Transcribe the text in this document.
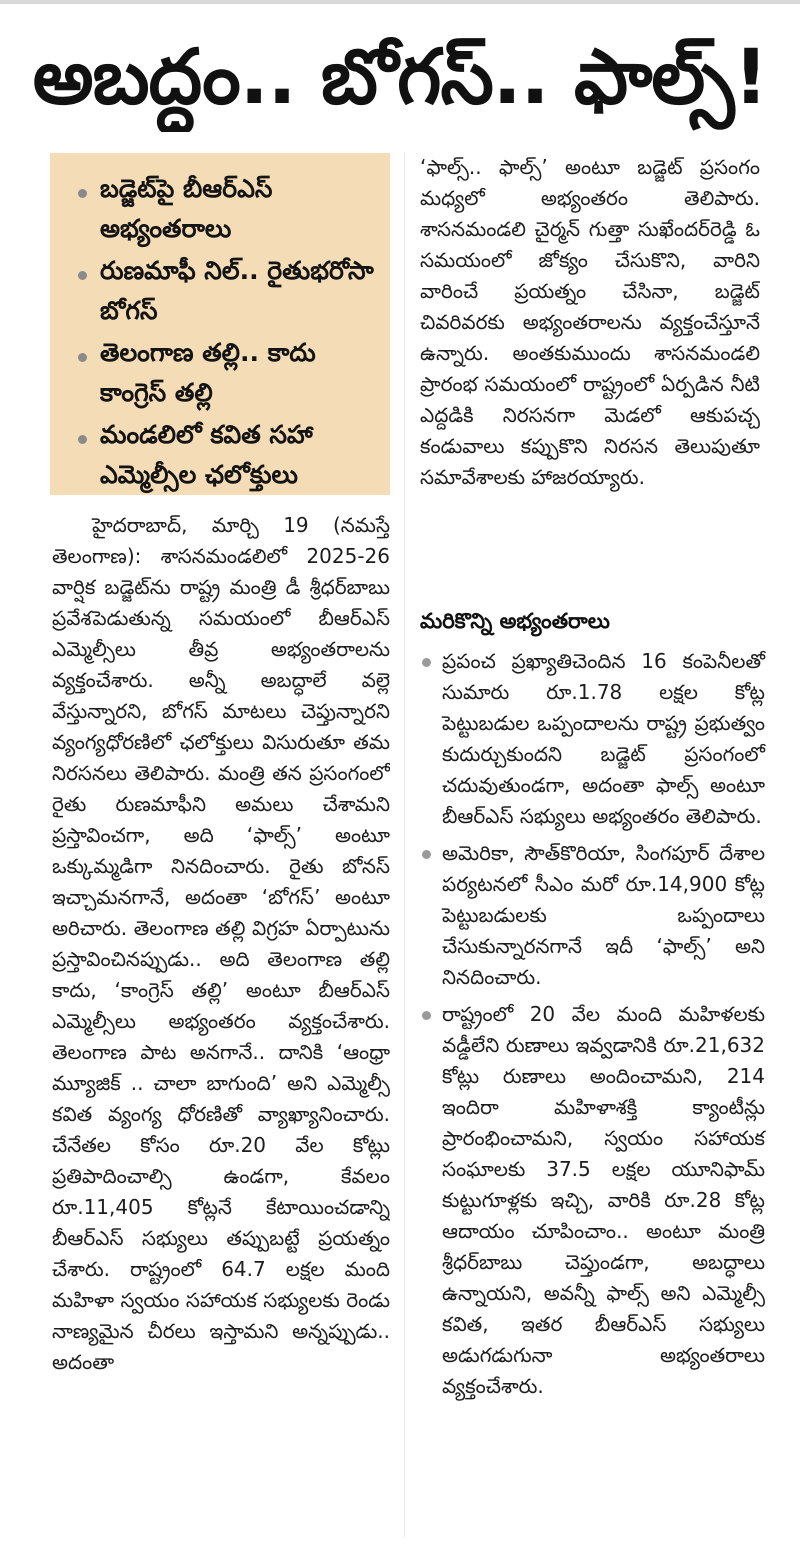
అబద్ధం.. బోగస్.. ఫాల్స్!
బడ్జెట్‌పై బీఆర్‌ఎస్ అభ్యంతరాలు
రుణమాఫీ నిల్.. రైతుభరోసా బోగస్
తెలంగాణ తల్లి.. కాదు కాంగ్రెస్ తల్లి
మండలిలో కవిత సహా ఎమ్మెల్సీల ఛలోక్తులు
హైదరాబాద్, మార్చి 19 (నమస్తే తెలంగాణ): శాసనమండలిలో 2025-26 వార్షిక బడ్జెట్‌ను రాష్ట్ర మంత్రి డీ శ్రీధర్‌బాబు ప్రవేశపెడుతున్న సమయంలో బీఆర్‌ఎస్ ఎమ్మెల్సీలు తీవ్ర అభ్యంతరాలను వ్యక్తంచేశారు. అన్నీ అబద్ధాలే వల్లె వేస్తున్నారని, బోగస్ మాటలు చెప్తున్నారని వ్యంగ్యధోరణిలో ఛలోక్తులు విసురుతూ తమ నిరసనలు తెలిపారు. మంత్రి తన ప్రసంగంలో రైతు రుణమాఫీని అమలు చేశామని ప్రస్తావించగా, అది ‘ఫాల్స్’ అంటూ ఒక్కుమ్మడిగా నినదించారు. రైతు బోనస్ ఇచ్చామనగానే, అదంతా ‘బోగస్’ అంటూ అరిచారు. తెలంగాణ తల్లి విగ్రహ ఏర్పాటును ప్రస్తావించినప్పుడు.. అది తెలంగాణ తల్లి కాదు, ‘కాంగ్రెస్ తల్లి’ అంటూ బీఆర్‌ఎస్ ఎమ్మెల్సీలు అభ్యంతరం వ్యక్తంచేశారు. తెలంగాణ పాట అనగానే.. దానికి ‘ఆంధ్రా మ్యూజిక్ .. చాలా బాగుంది’ అని ఎమ్మెల్సీ కవిత వ్యంగ్య ధోరణితో వ్యాఖ్యానించారు. చేనేతల కోసం రూ.20 వేల కోట్లు ప్రతిపాదించాల్సి ఉండగా, కేవలం రూ.11,405 కోట్లనే కేటాయించడాన్ని బీఆర్‌ఎస్ సభ్యులు తప్పుబట్టే ప్రయత్నం చేశారు. రాష్ట్రంలో 64.7 లక్షల మంది మహిళా స్వయం సహాయక సభ్యులకు రెండు నాణ్యమైన చీరలు ఇస్తామని అన్నప్పుడు.. అదంతా
‘ఫాల్స్.. ఫాల్స్’ అంటూ బడ్జెట్ ప్రసంగం మధ్యలో అభ్యంతరం తెలిపారు. శాసనమండలి చైర్మన్ గుత్తా సుఖేందర్‌రెడ్డి ఓ సమయంలో జోక్యం చేసుకొని, వారిని వారించే ప్రయత్నం చేసినా, బడ్జెట్ చివరివరకు అభ్యంతరాలను వ్యక్తంచేస్తూనే ఉన్నారు. అంతకుముందు శాసనమండలి ప్రారంభ సమయంలో రాష్ట్రంలో ఏర్పడిన నీటి ఎద్దడికి నిరసనగా మెడలో ఆకుపచ్చ కండువాలు కప్పుకొని నిరసన తెలుపుతూ సమావేశాలకు హాజరయ్యారు.
మరికొన్ని అభ్యంతరాలు
ప్రపంచ ప్రఖ్యాతిచెందిన 16 కంపెనీలతో సుమారు రూ.1.78 లక్షల కోట్ల పెట్టుబడుల ఒప్పందాలను రాష్ట్ర ప్రభుత్వం కుదుర్చుకుందని బడ్జెట్ ప్రసంగంలో చదువుతుండగా, అదంతా ఫాల్స్ అంటూ బీఆర్‌ఎస్ సభ్యులు అభ్యంతరం తెలిపారు.
అమెరికా, సౌత్‌కొరియా, సింగపూర్ దేశాల పర్యటనలో సీఎం మరో రూ.14,900 కోట్ల పెట్టుబడులకు ఒప్పందాలు చేసుకున్నారనగానే ఇదీ ‘ఫాల్స్’ అని నినదించారు.
రాష్ట్రంలో 20 వేల మంది మహిళలకు వడ్డీలేని రుణాలు ఇవ్వడానికి రూ.21,632 కోట్లు రుణాలు అందించామని, 214 ఇందిరా మహిళాశక్తి క్యాంటీన్లు ప్రారంభించామని, స్వయం సహాయక సంఘాలకు 37.5 లక్షల యూనిఫామ్ కుట్టుగూళ్లకు ఇచ్చి, వారికి రూ.28 కోట్ల ఆదాయం చూపించాం.. అంటూ మంత్రి శ్రీధర్‌బాబు చెప్తుండగా, అబద్ధాలు ఉన్నాయని, అవన్నీ ఫాల్స్ అని ఎమ్మెల్సీ కవిత, ఇతర బీఆర్‌ఎస్ సభ్యులు అడుగడుగునా అభ్యంతరాలు వ్యక్తంచేశారు.
